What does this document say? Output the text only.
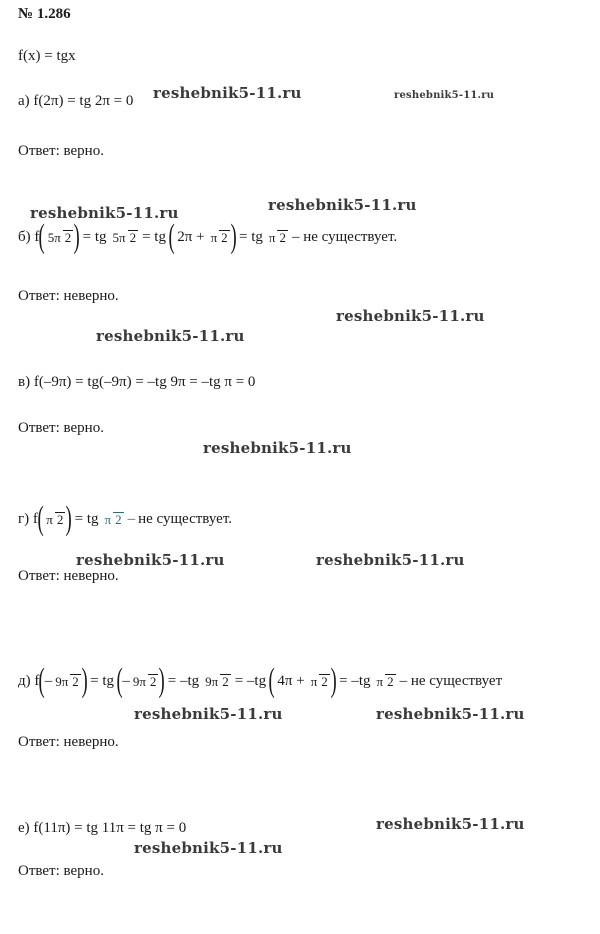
№ 1.286
f(x) = tgx
а) f(2π) = tg 2π = 0 reshebnik5-11.ru	reshebnik5-11.ru
Ответ: верно.
reshebnik5-11.ru
reshebnik5-11.ru
б) f ( 5π 2 ) = tg 5π 2 = tg ( 2π + π 2 ) = tg π 2 – не существует.
Ответ: неверно.
reshebnik5-11.ru
reshebnik5-11.ru
в) f(–9π) = tg(–9π) = –tg 9π = –tg π = 0
Ответ: верно.
reshebnik5-11.ru
г) f ( π 2 ) = tg π 2 – не существует.
reshebnik5-11.ru	reshebnik5-11.ru
Ответ: неверно.
д) f ( – 9π 2 ) = tg ( – 9π 2 ) = –tg 9π 2 = –tg ( 4π + π 2 ) = –tg π 2 – не существует
reshebnik5-11.ru	reshebnik5-11.ru
Ответ: неверно.
reshebnik5-11.ru
е) f(11π) = tg 11π = tg π = 0
reshebnik5-11.ru
Ответ: верно.
